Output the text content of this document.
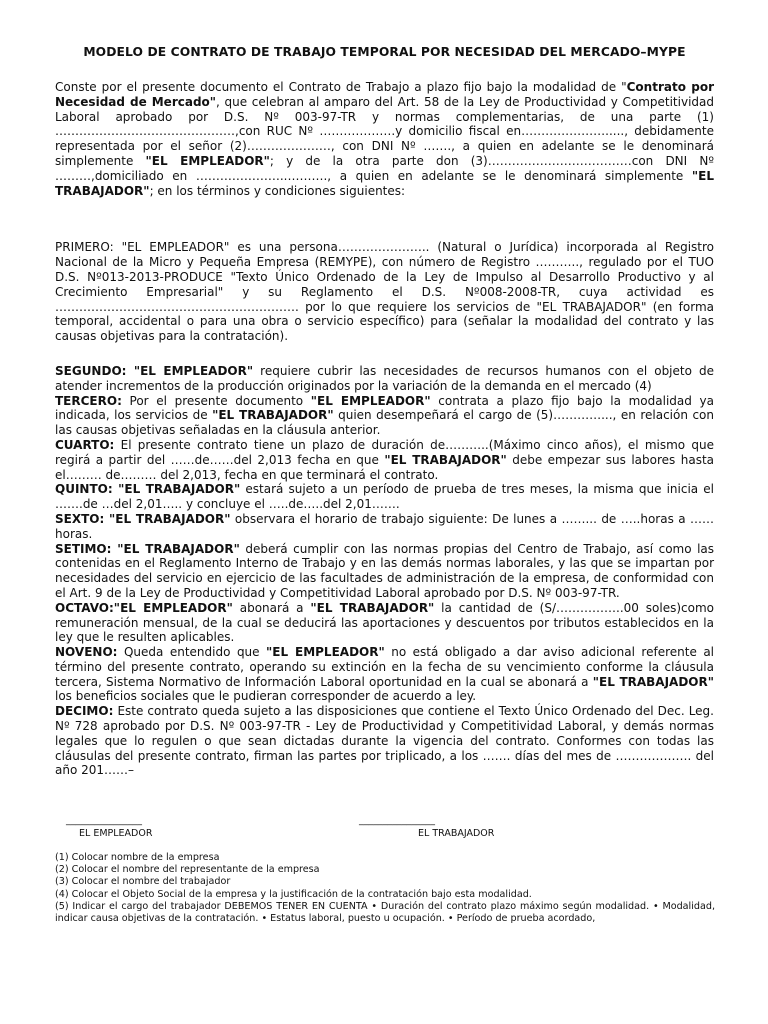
MODELO DE CONTRATO DE TRABAJO TEMPORAL POR NECESIDAD DEL MERCADO–MYPE

Conste por el presente documento el Contrato de Trabajo a plazo fijo bajo la modalidad de "Contrato por Necesidad de Mercado", que celebran al amparo del Art. 58 de la Ley de Productividad y Competitividad Laboral aprobado por D.S. Nº 003-97-TR y normas complementarias, de una parte (1) ………………………………………,con RUC Nº ……………….y domicilio fiscal en…………………....., debidamente representada por el señor (2)…………………, con DNI Nº ……., a quien en adelante se le denominará simplemente "EL EMPLEADOR"; y de la otra parte don (3)………………………………con DNI Nº ………,domiciliado en …………………..………., a quien en adelante se le denominará simplemente "EL TRABAJADOR"; en los términos y condiciones siguientes:

PRIMERO: "EL EMPLEADOR" es una persona………………….. (Natural o Jurídica) incorporada al Registro Nacional de la Micro y Pequeña Empresa (REMYPE), con número de Registro ……….., regulado por el TUO D.S. Nº013-2013-PRODUCE "Texto Único Ordenado de la Ley de Impulso al Desarrollo Productivo y al Crecimiento Empresarial" y su Reglamento el D.S. Nº008-2008-TR, cuya actividad es ……………………………………………………. por lo que requiere los servicios de "EL TRABAJADOR" (en forma temporal, accidental o para una obra o servicio específico) para (señalar la modalidad del contrato y las causas objetivas para la contratación).

SEGUNDO: "EL EMPLEADOR" requiere cubrir las necesidades de recursos humanos con el objeto de atender incrementos de la producción originados por la variación de la demanda en el mercado (4)

TERCERO: Por el presente documento "EL EMPLEADOR" contrata a plazo fijo bajo la modalidad ya indicada, los servicios de "EL TRABAJADOR" quien desempeñará el cargo de (5)…………..., en relación con las causas objetivas señaladas en la cláusula anterior.

CUARTO: El presente contrato tiene un plazo de duración de………..(Máximo cinco años), el mismo que regirá a partir del ……de……del 2,013 fecha en que "EL TRABAJADOR" debe empezar sus labores hasta el……… de……… del 2,013, fecha en que terminará el contrato.

QUINTO: "EL TRABAJADOR" estará sujeto a un período de prueba de tres meses, la misma que inicia el …….de …del 2,01….. y concluye el …..de…..del 2,01…….

SEXTO: "EL TRABAJADOR" observara el horario de trabajo siguiente: De lunes a ……... de …..horas a …… horas.

SETIMO: "EL TRABAJADOR" deberá cumplir con las normas propias del Centro de Trabajo, así como las contenidas en el Reglamento Interno de Trabajo y en las demás normas laborales, y las que se impartan por necesidades del servicio en ejercicio de las facultades de administración de la empresa, de conformidad con el Art. 9 de la Ley de Productividad y Competitividad Laboral aprobado por D.S. Nº 003-97-TR.

OCTAVO:"EL EMPLEADOR" abonará a "EL TRABAJADOR" la cantidad de (S/……………..00 soles)como remuneración mensual, de la cual se deducirá las aportaciones y descuentos por tributos establecidos en la ley que le resulten aplicables.

NOVENO: Queda entendido que "EL EMPLEADOR" no está obligado a dar aviso adicional referente al término del presente contrato, operando su extinción en la fecha de su vencimiento conforme la cláusula tercera, Sistema Normativo de Información Laboral oportunidad en la cual se abonará a "EL TRABAJADOR" los beneficios sociales que le pudieran corresponder de acuerdo a ley.

DECIMO: Este contrato queda sujeto a las disposiciones que contiene el Texto Único Ordenado del Dec. Leg. Nº 728 aprobado por D.S. Nº 003-97-TR - Ley de Productividad y Competitividad Laboral, y demás normas legales que lo regulen o que sean dictadas durante la vigencia del contrato. Conformes con todas las cláusulas del presente contrato, firman las partes por triplicado, a los ……. días del mes de ………………. del año 201……–

________________
EL EMPLEADOR
________________
EL TRABAJADOR
(1) Colocar nombre de la empresa
(2) Colocar el nombre del representante de la empresa
(3) Colocar el nombre del trabajador
(4) Colocar el Objeto Social de la empresa y la justificación de la contratación bajo esta modalidad.
(5) Indicar el cargo del trabajador DEBEMOS TENER EN CUENTA • Duración del contrato plazo máximo según modalidad. • Modalidad, indicar causa objetivas de la contratación. • Estatus laboral, puesto u ocupación. • Período de prueba acordado,
